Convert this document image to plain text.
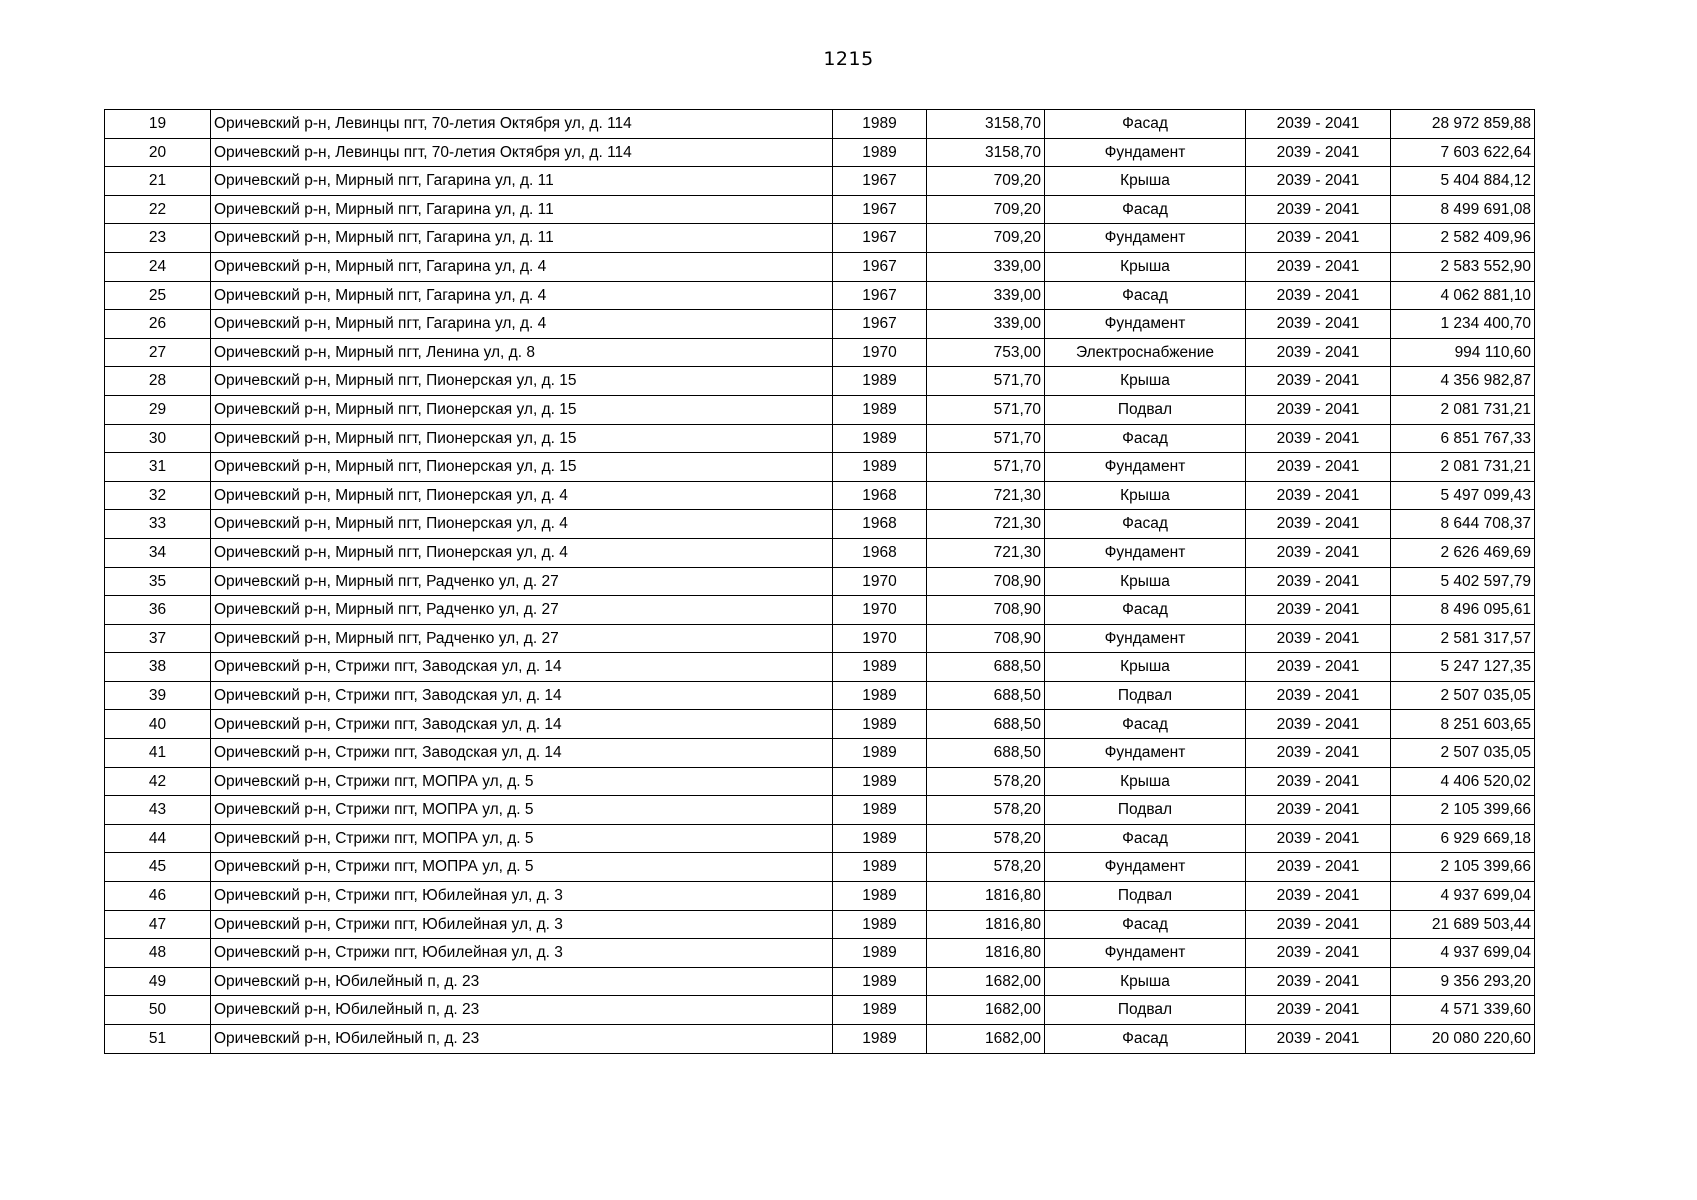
1215
19	Оричевский р-н, Левинцы пгт, 70-летия Октября ул, д. 114	1989	3158,70	Фасад	2039 - 2041	28 972 859,88
20	Оричевский р-н, Левинцы пгт, 70-летия Октября ул, д. 114	1989	3158,70	Фундамент	2039 - 2041	7 603 622,64
21	Оричевский р-н, Мирный пгт, Гагарина ул, д. 11	1967	709,20	Крыша	2039 - 2041	5 404 884,12
22	Оричевский р-н, Мирный пгт, Гагарина ул, д. 11	1967	709,20	Фасад	2039 - 2041	8 499 691,08
23	Оричевский р-н, Мирный пгт, Гагарина ул, д. 11	1967	709,20	Фундамент	2039 - 2041	2 582 409,96
24	Оричевский р-н, Мирный пгт, Гагарина ул, д. 4	1967	339,00	Крыша	2039 - 2041	2 583 552,90
25	Оричевский р-н, Мирный пгт, Гагарина ул, д. 4	1967	339,00	Фасад	2039 - 2041	4 062 881,10
26	Оричевский р-н, Мирный пгт, Гагарина ул, д. 4	1967	339,00	Фундамент	2039 - 2041	1 234 400,70
27	Оричевский р-н, Мирный пгт, Ленина ул, д. 8	1970	753,00	Электроснабжение	2039 - 2041	994 110,60
28	Оричевский р-н, Мирный пгт, Пионерская ул, д. 15	1989	571,70	Крыша	2039 - 2041	4 356 982,87
29	Оричевский р-н, Мирный пгт, Пионерская ул, д. 15	1989	571,70	Подвал	2039 - 2041	2 081 731,21
30	Оричевский р-н, Мирный пгт, Пионерская ул, д. 15	1989	571,70	Фасад	2039 - 2041	6 851 767,33
31	Оричевский р-н, Мирный пгт, Пионерская ул, д. 15	1989	571,70	Фундамент	2039 - 2041	2 081 731,21
32	Оричевский р-н, Мирный пгт, Пионерская ул, д. 4	1968	721,30	Крыша	2039 - 2041	5 497 099,43
33	Оричевский р-н, Мирный пгт, Пионерская ул, д. 4	1968	721,30	Фасад	2039 - 2041	8 644 708,37
34	Оричевский р-н, Мирный пгт, Пионерская ул, д. 4	1968	721,30	Фундамент	2039 - 2041	2 626 469,69
35	Оричевский р-н, Мирный пгт, Радченко ул, д. 27	1970	708,90	Крыша	2039 - 2041	5 402 597,79
36	Оричевский р-н, Мирный пгт, Радченко ул, д. 27	1970	708,90	Фасад	2039 - 2041	8 496 095,61
37	Оричевский р-н, Мирный пгт, Радченко ул, д. 27	1970	708,90	Фундамент	2039 - 2041	2 581 317,57
38	Оричевский р-н, Стрижи пгт, Заводская ул, д. 14	1989	688,50	Крыша	2039 - 2041	5 247 127,35
39	Оричевский р-н, Стрижи пгт, Заводская ул, д. 14	1989	688,50	Подвал	2039 - 2041	2 507 035,05
40	Оричевский р-н, Стрижи пгт, Заводская ул, д. 14	1989	688,50	Фасад	2039 - 2041	8 251 603,65
41	Оричевский р-н, Стрижи пгт, Заводская ул, д. 14	1989	688,50	Фундамент	2039 - 2041	2 507 035,05
42	Оричевский р-н, Стрижи пгт, МОПРА ул, д. 5	1989	578,20	Крыша	2039 - 2041	4 406 520,02
43	Оричевский р-н, Стрижи пгт, МОПРА ул, д. 5	1989	578,20	Подвал	2039 - 2041	2 105 399,66
44	Оричевский р-н, Стрижи пгт, МОПРА ул, д. 5	1989	578,20	Фасад	2039 - 2041	6 929 669,18
45	Оричевский р-н, Стрижи пгт, МОПРА ул, д. 5	1989	578,20	Фундамент	2039 - 2041	2 105 399,66
46	Оричевский р-н, Стрижи пгт, Юбилейная ул, д. 3	1989	1816,80	Подвал	2039 - 2041	4 937 699,04
47	Оричевский р-н, Стрижи пгт, Юбилейная ул, д. 3	1989	1816,80	Фасад	2039 - 2041	21 689 503,44
48	Оричевский р-н, Стрижи пгт, Юбилейная ул, д. 3	1989	1816,80	Фундамент	2039 - 2041	4 937 699,04
49	Оричевский р-н, Юбилейный п, д. 23	1989	1682,00	Крыша	2039 - 2041	9 356 293,20
50	Оричевский р-н, Юбилейный п, д. 23	1989	1682,00	Подвал	2039 - 2041	4 571 339,60
51	Оричевский р-н, Юбилейный п, д. 23	1989	1682,00	Фасад	2039 - 2041	20 080 220,60
